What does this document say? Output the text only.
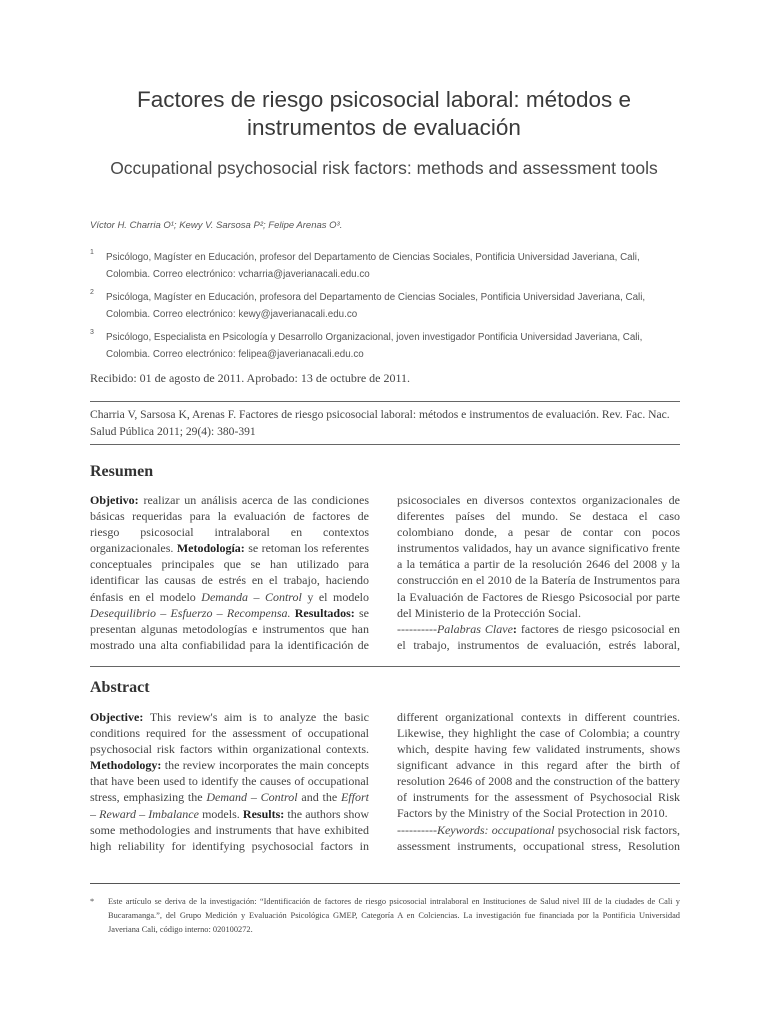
Factores de riesgo psicosocial laboral: métodos e instrumentos de evaluación
Occupational psychosocial risk factors: methods and assessment tools
Víctor H. Charria O¹; Kewy V. Sarsosa P²; Felipe Arenas O³.
1 Psicólogo, Magíster en Educación, profesor del Departamento de Ciencias Sociales, Pontificia Universidad Javeriana, Cali, Colombia. Correo electrónico: vcharria@javerianacali.edu.co
2 Psicóloga, Magíster en Educación, profesora del Departamento de Ciencias Sociales, Pontificia Universidad Javeriana, Cali, Colombia. Correo electrónico: kewy@javerianacali.edu.co
3 Psicólogo, Especialista en Psicología y Desarrollo Organizacional, joven investigador Pontificia Universidad Javeriana, Cali, Colombia. Correo electrónico: felipea@javerianacali.edu.co
Recibido: 01 de agosto de 2011. Aprobado: 13 de octubre de 2011.
Charria V, Sarsosa K, Arenas F. Factores de riesgo psicosocial laboral: métodos e instrumentos de evaluación. Rev. Fac. Nac. Salud Pública 2011; 29(4): 380-391
Resumen
Objetivo: realizar un análisis acerca de las condiciones básicas requeridas para la evaluación de factores de riesgo psicosocial intralaboral en contextos organizacionales. Metodología: se retoman los referentes conceptuales principales que se han utilizado para identificar las causas de estrés en el trabajo, haciendo énfasis en el modelo Demanda – Control y el modelo Desequilibrio – Esfuerzo – Recompensa. Resultados: se presentan algunas metodologías e instrumentos que han mostrado una alta confiabilidad para la identificación de

Abstract
Objective: This review's aim is to analyze the basic conditions required for the assessment of occupational psychosocial risk factors within organizational contexts. Methodology: the review incorporates the main concepts that have been used to identify the causes of occupational stress, emphasizing the Demand – Control and the Effort – Reward – Imbalance models. Results: the authors show some methodologies and instruments that have exhibited high reliability for identifying psychosocial factors in

* Este artículo se deriva de la investigación: “Identificación de factores de riesgo psicosocial intralaboral en Instituciones de Salud nivel III de la ciudades de Cali y Bucaramanga.”, del Grupo Medición y Evaluación Psicológica GMEP, Categoría A en Colciencias. La investigación fue financiada por la Pontificia Universidad Javeriana Cali, código interno: 020100272.
psicosociales en diversos contextos organizacionales de diferentes países del mundo. Se destaca el caso colombiano donde, a pesar de contar con pocos instrumentos validados, hay un avance significativo frente a la temática a partir de la resolución 2646 del 2008 y la construcción en el 2010 de la Batería de Instrumentos para la Evaluación de Factores de Riesgo Psicosocial por parte del Ministerio de la Protección Social.
----------Palabras Clave: factores de riesgo psicosocial en el trabajo, instrumentos de evaluación, estrés laboral,
different organizational contexts in different countries. Likewise, they highlight the case of Colombia; a country which, despite having few validated instruments, shows significant advance in this regard after the birth of resolution 2646 of 2008 and the construction of the battery of instruments for the assessment of Psychosocial Risk Factors by the Ministry of the Social Protection in 2010.
----------Keywords: occupational psychosocial risk factors, assessment instruments, occupational stress, Resolution
